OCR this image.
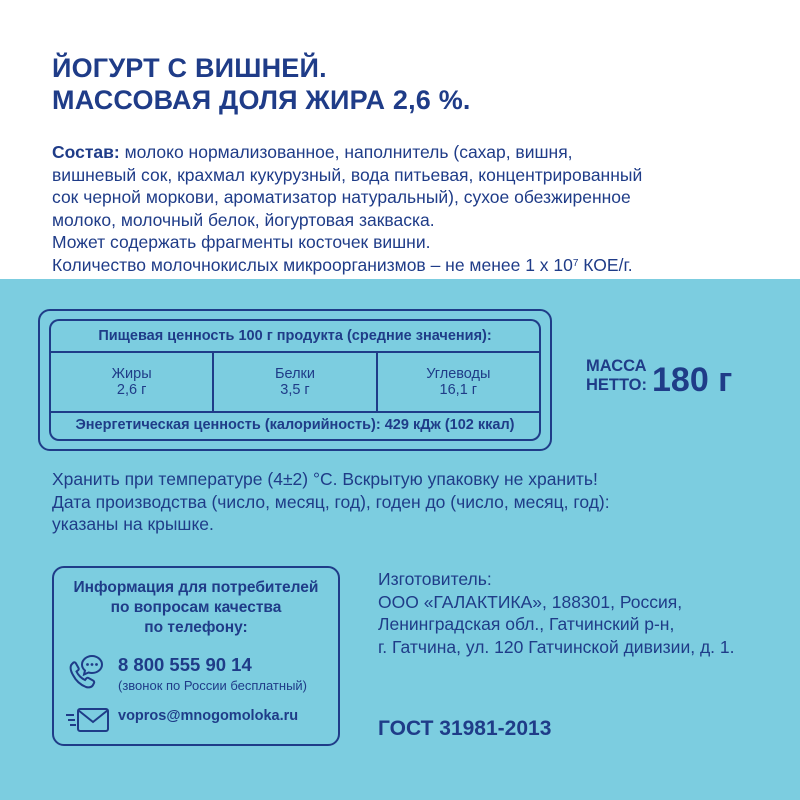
ЙОГУРТ С ВИШНЕЙ.
МАССОВАЯ ДОЛЯ ЖИРА 2,6 %.

Состав: молоко нормализованное, наполнитель (сахар, вишня,

вишневый сок, крахмал кукурузный, вода питьевая, концентрированный

сок черной моркови, ароматизатор натуральный), сухое обезжиренное

молоко, молочный белок, йогуртовая закваска.

Может содержать фрагменты косточек вишни.

Количество молочнокислых микроорганизмов – не менее 1 x $10^7$ КОЕ/г.

Пищевая ценность 100 г продукта (средние значения):
Жиры
2,6 г
Белки
3,5 г
Углеводы
16,1 г
Энергетическая ценность (калорийность): 429 кДж (102 ккал)
МАССА
НЕТТО: 180 г

Хранить при температуре (4±2) °С. Вскрытую упаковку не хранить!

Дата производства (число, месяц, год), годен до (число, месяц, год):

указаны на крышке.

Информация для потребителей
по вопросам качества
по телефону:
8 800 555 90 14
(звонок по России бесплатный)
vopros@mnogomoloka.ru

Изготовитель:

ООО «ГАЛАКТИКА», 188301, Россия,

Ленинградская обл., Гатчинский р-н,

г. Гатчина, ул. 120 Гатчинской дивизии, д. 1.

ГОСТ 31981-2013
